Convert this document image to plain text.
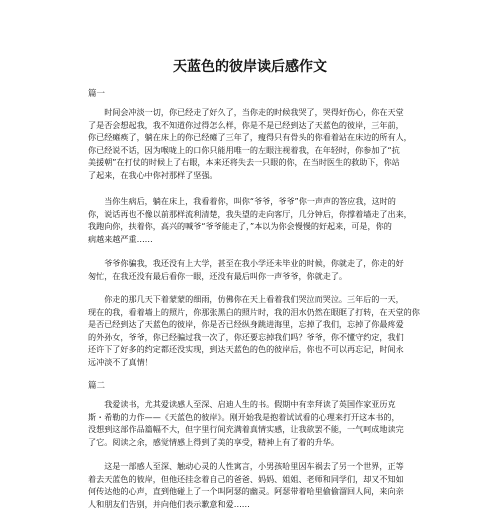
天蓝色的彼岸读后感作文

篇一

　　时间会冲淡一切，你已经走了好久了，当你走的时候我哭了，哭得好伤心，你在天堂
了是否会想起我，我不知道你过得怎么样，你是不是已经到达了天蓝色的彼岸，三年前，
你已经瘫痪了，躺在床上的你已经瘫了三年了，瘦得只有骨头的你看着站在床边的所有人，
你已经说不话，因为喉咙上的口你只能用唯一的左眼注视着我，在年轻时，你参加了“抗
美援朝”在打仗的时候上了右眼，本来还将失去一只眼的你，在当时医生的救助下，你站
了起来，在我心中你衬那样了坚强。
　　当你生病后，躺在床上，我看着你，叫你“爷爷，爷爷”你一声声的答应我，这时的
你，说话再也不像以前那样流利清楚，我失望的走向客厅，几分钟后，你撑着墙走了出来，
我跑向你，扶着你，高兴的喊爷“爷爷能走了，”本以为你会慢慢的好起来，可是，你的
病越来越严重……
　　爷爷你骗我，我还没有上大学，甚至在我小学还未毕业的时候，你就走了，你走的好
匆忙，在我还没有最后看你一眼，还没有最后叫你一声爷爷，你就走了。
　　你走的那几天下着蒙蒙的细雨，仿佛你在天上看着我们哭泣而哭泣。三年后的一天，
现在的我，看着墙上的照片，你那张黑白的照片时，我的泪水仍然在眼眶了打转，在天堂的你
是否已经到达了天蓝色的彼岸，你是否已经纵身跳进海里，忘掉了我们，忘掉了你最疼爱
的外孙女，爷爷，你已经骗过我一次了，你还要忘掉我们吗？爷爷，你不懂守约定，我们
还许下了好多的约定都还没实现，到达天蓝色的色的彼岸后，你也不可以再忘记，时间永
远冲淡不了真情！

篇二

　　我爱读书，尤其爱读感人至深、启迪人生的书。假期中有幸拜读了英国作家亚历克
斯・希勒的力作——《天蓝色的彼岸》。刚开始我是抱着试试看的心理来打开这本书的，
没想到这部作品篇幅不大，但字里行间充满着真情实感，让我欲罢不能，一气呵成地读完
了它。阅读之余，感觉情感上得到了美的享受，精神上有了着的升华。
　　这是一部感人至深、触动心灵的人性寓言，小男孩哈里因车祸去了另一个世界，正等
着去天蓝色的彼岸，但他还挂念着自己的爸爸、妈妈、姐姐、老师和同学们，却又不知如
何传达他的心声，直到他碰上了一个叫阿瑟的幽灵。阿瑟带着哈里偷偷溜回人间，来向亲
人和朋友们告别，并向他们表示歉意和爱……
